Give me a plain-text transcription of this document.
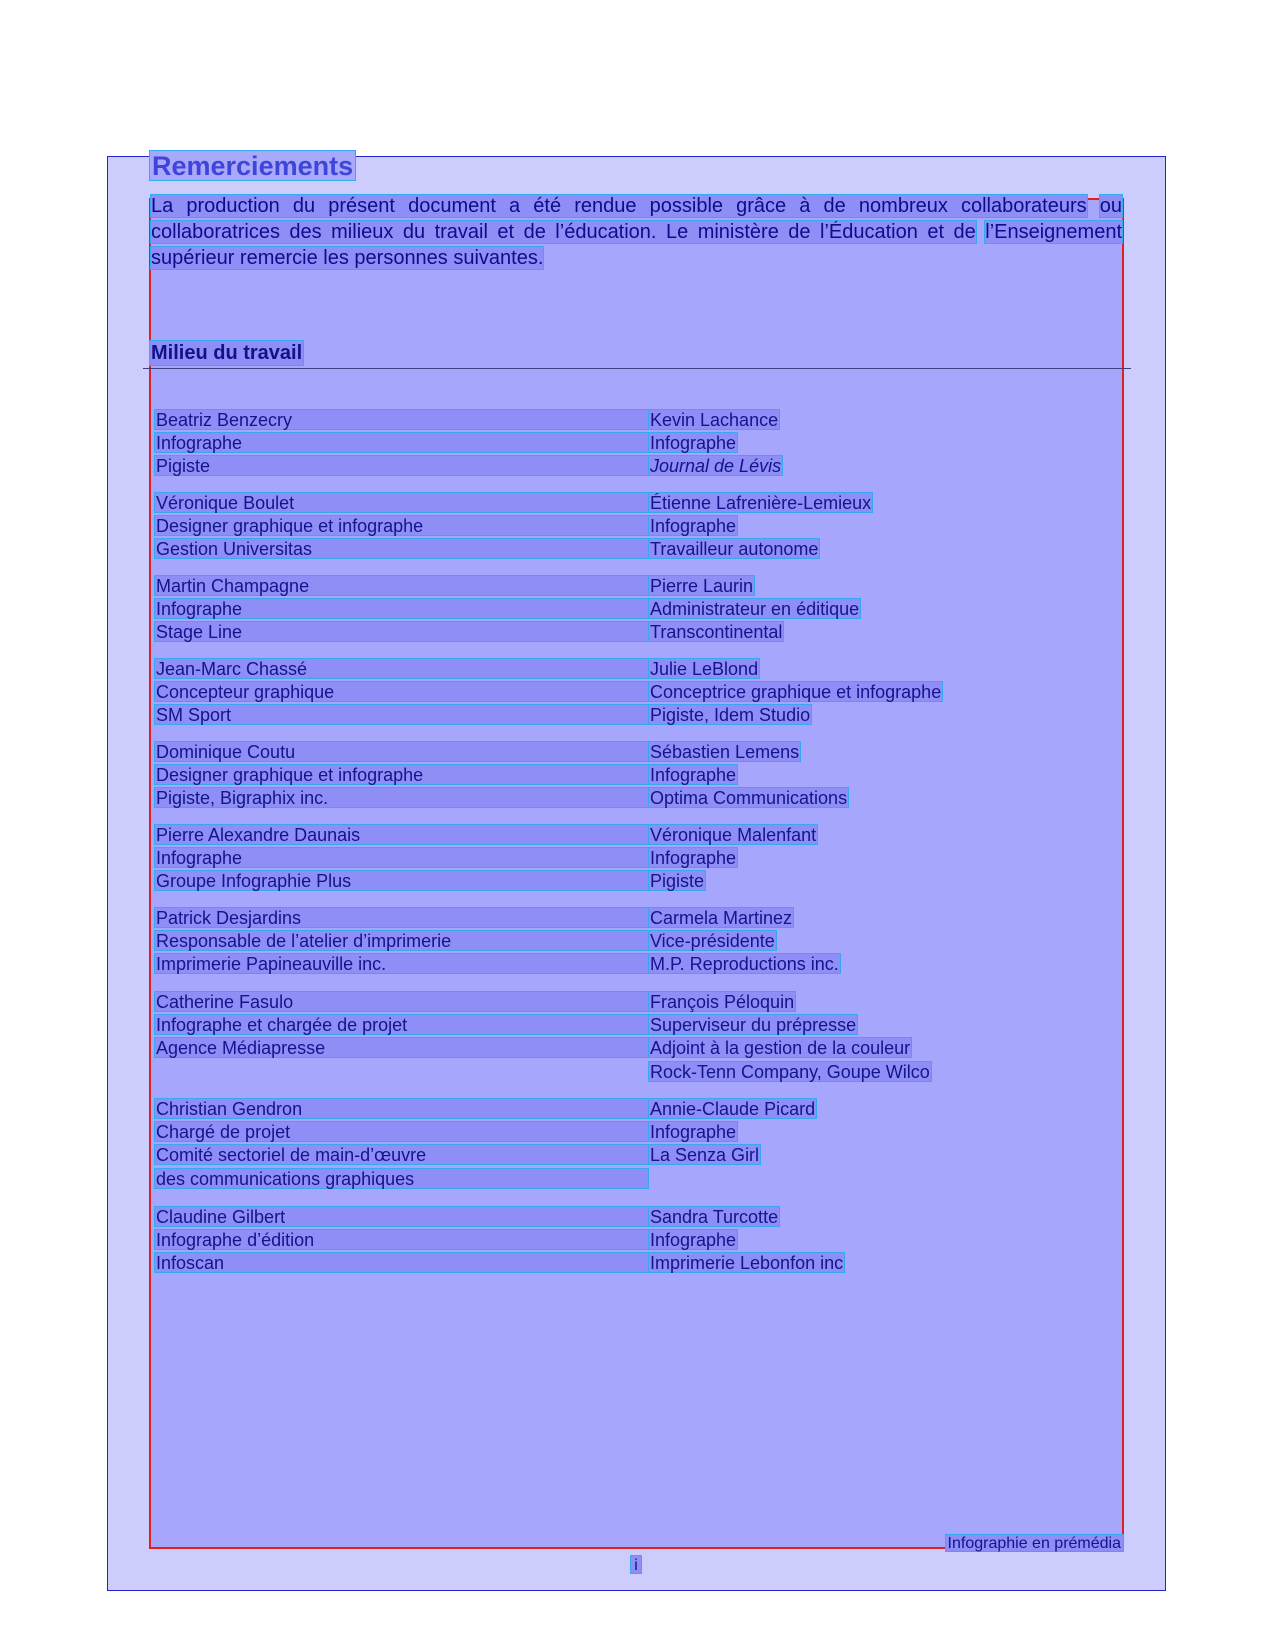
Remerciements

La production du présent document a été rendue possible grâce à de nombreux collaborateurs ou collaboratrices des milieux du travail et de l’éducation. Le ministère de l’Éducation et de l’Enseignement supérieur remercie les personnes suivantes.

Milieu du travail
Beatriz Benzecry
Infographe
Pigiste
Kevin Lachance
Infographe
Journal de Lévis
Véronique Boulet
Designer graphique et infographe
Gestion Universitas
Étienne Lafrenière-Lemieux
Infographe
Travailleur autonome
Martin Champagne
Infographe
Stage Line
Pierre Laurin
Administrateur en éditique
Transcontinental
Jean-Marc Chassé
Concepteur graphique
SM Sport
Julie LeBlond
Conceptrice graphique et infographe
Pigiste, Idem Studio
Dominique Coutu
Designer graphique et infographe
Pigiste, Bigraphix inc.
Sébastien Lemens
Infographe
Optima Communications
Pierre Alexandre Daunais
Infographe
Groupe Infographie Plus
Véronique Malenfant
Infographe
Pigiste
Patrick Desjardins
Responsable de l’atelier d’imprimerie
Imprimerie Papineauville inc.
Carmela Martinez
Vice-présidente
M.P. Reproductions inc.
Catherine Fasulo
Infographe et chargée de projet
Agence Médiapresse
François Péloquin
Superviseur du prépresse
Adjoint à la gestion de la couleur
Rock-Tenn Company, Goupe Wilco
Christian Gendron
Chargé de projet
Comité sectoriel de main-d’œuvre
des communications graphiques
Annie-Claude Picard
Infographe
La Senza Girl
Claudine Gilbert
Infographe d’édition
Infoscan
Sandra Turcotte
Infographe
Imprimerie Lebonfon inc
Infographie en prémédia
i
